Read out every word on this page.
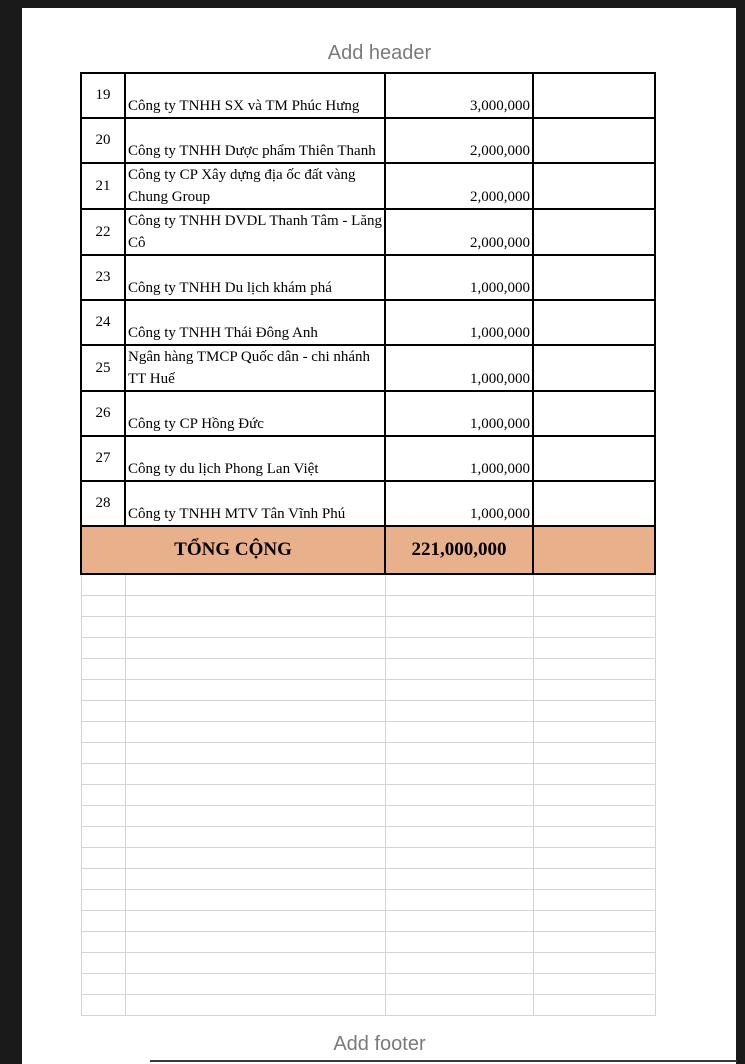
Add header
19	Công ty TNHH SX và TM Phúc Hưng	3,000,000	
20	Công ty TNHH Dược phẩm Thiên Thanh	2,000,000	
21	Công ty CP Xây dựng địa ốc đất vàng Chung Group	2,000,000	
22	Công ty TNHH DVDL Thanh Tâm - Lăng Cô	2,000,000	
23	Công ty TNHH Du lịch khám phá	1,000,000	
24	Công ty TNHH Thái Đông Anh	1,000,000	
25	Ngân hàng TMCP Quốc dân - chi nhánh TT Huế	1,000,000	
26	Công ty CP Hồng Đức	1,000,000	
27	Công ty du lịch Phong Lan Việt	1,000,000	
28	Công ty TNHH MTV Tân Vĩnh Phú	1,000,000	
TỔNG CỘNG		221,000,000	

Add footer
